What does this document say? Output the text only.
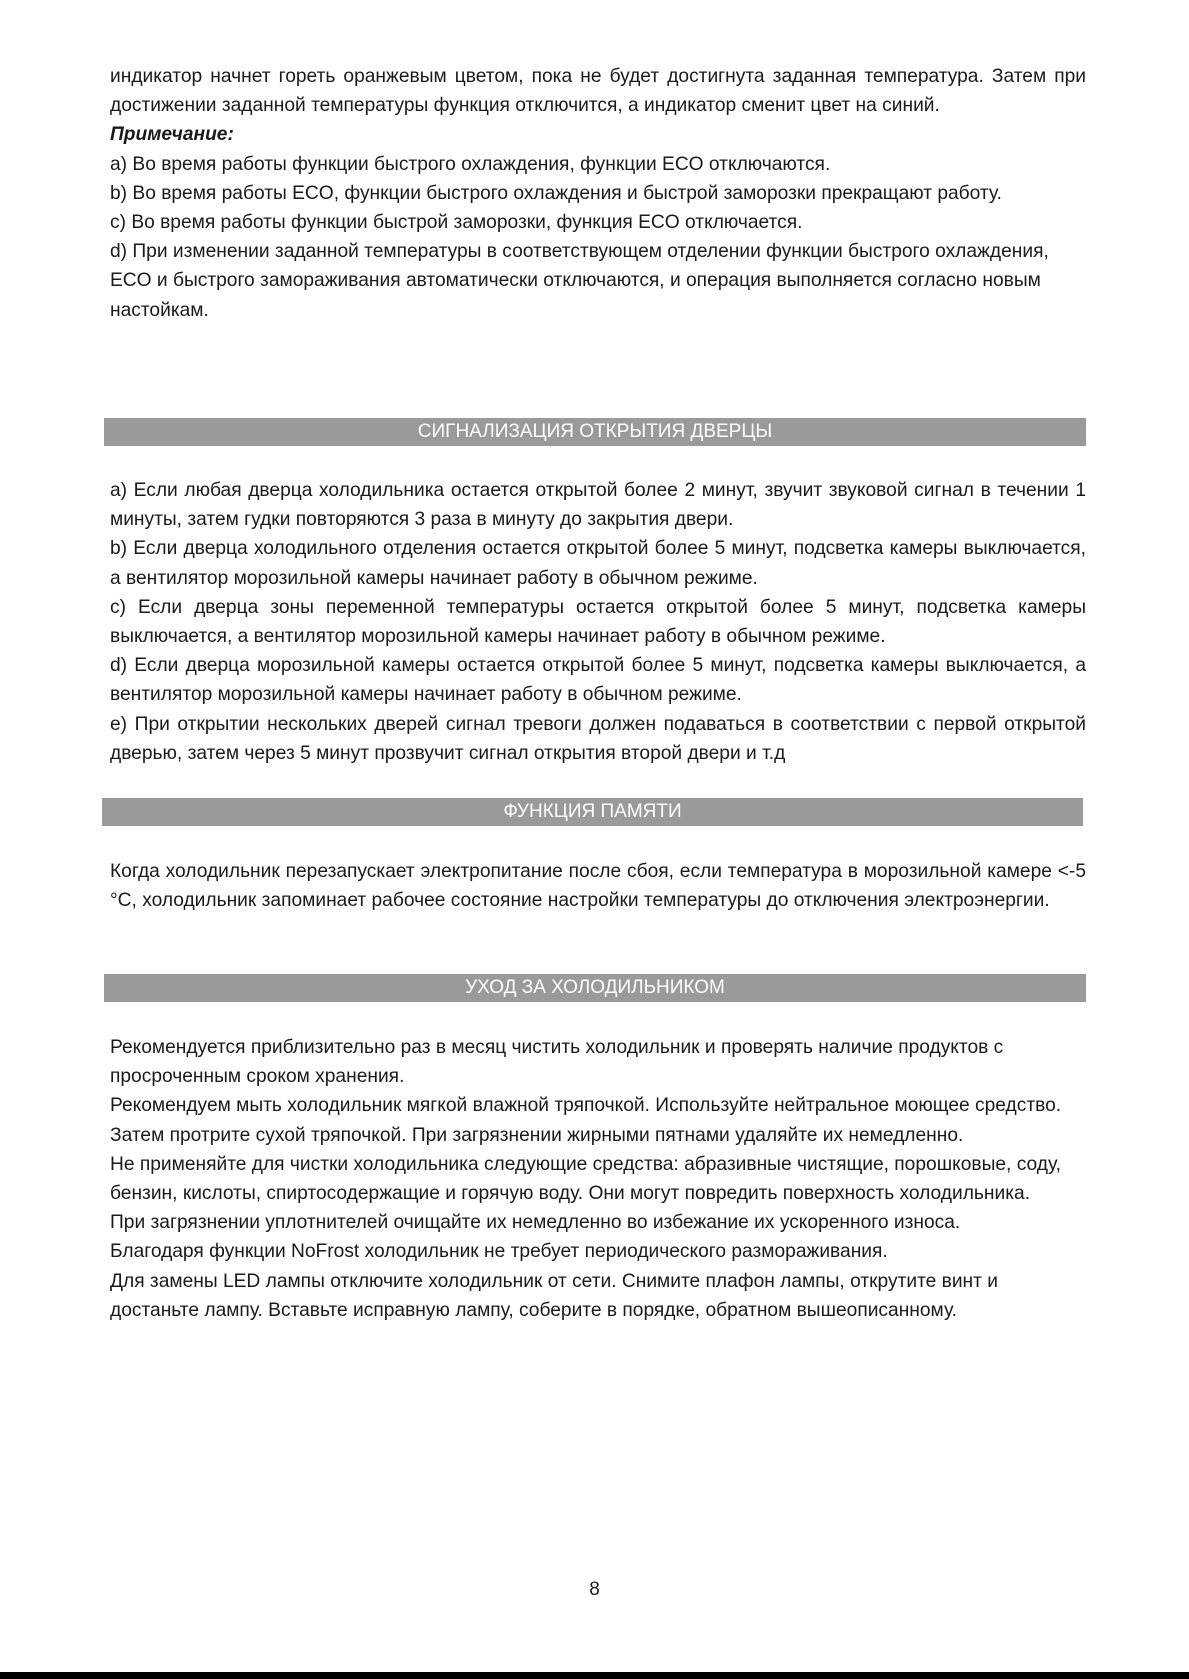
индикатор начнет гореть оранжевым цветом, пока не будет достигнута заданная температура. Затем при достижении заданной температуры функция отключится, а индикатор сменит цвет на синий.

Примечание:

a) Во время работы функции быстрого охлаждения, функции ECO отключаются.

b) Во время работы ECO, функции быстрого охлаждения и быстрой заморозки прекращают работу.

c) Во время работы функции быстрой заморозки, функция ECO отключается.

d) При изменении заданной температуры в соответствующем отделении функции быстрого охлаждения, ECO и быстрого замораживания автоматически отключаются, и операция выполняется согласно новым настойкам.

СИГНАЛИЗАЦИЯ ОТКРЫТИЯ ДВЕРЦЫ

a) Если любая дверца холодильника остается открытой более 2 минут, звучит звуковой сигнал в течении 1 минуты, затем гудки повторяются 3 раза в минуту до закрытия двери.

b) Если дверца холодильного отделения остается открытой более 5 минут, подсветка камеры выключается, а вентилятор морозильной камеры начинает работу в обычном режиме.

c) Если дверца зоны переменной температуры остается открытой более 5 минут, подсветка камеры выключается, а вентилятор морозильной камеры начинает работу в обычном режиме.

d) Если дверца морозильной камеры остается открытой более 5 минут, подсветка камеры выключается, а вентилятор морозильной камеры начинает работу в обычном режиме.

e) При открытии нескольких дверей сигнал тревоги должен подаваться в соответствии с первой открытой дверью, затем через 5 минут прозвучит сигнал открытия второй двери и т.д

ФУНКЦИЯ ПАМЯТИ

Когда холодильник перезапускает электропитание после сбоя, если температура в морозильной камере <-5 °С, холодильник запоминает рабочее состояние настройки температуры до отключения электроэнергии.

УХОД ЗА ХОЛОДИЛЬНИКОМ

Рекомендуется приблизительно раз в месяц чистить холодильник и проверять наличие продуктов с просроченным сроком хранения.

Рекомендуем мыть холодильник мягкой влажной тряпочкой. Используйте нейтральное моющее средство. Затем протрите сухой тряпочкой. При загрязнении жирными пятнами удаляйте их немедленно.

Не применяйте для чистки холодильника следующие средства: абразивные чистящие, порошковые, соду, бензин, кислоты, спиртосодержащие и горячую воду. Они могут повредить поверхность холодильника.

При загрязнении уплотнителей очищайте их немедленно во избежание их ускоренного износа.

Благодаря функции NoFrost холодильник не требует периодического размораживания.

Для замены LED лампы отключите холодильник от сети. Снимите плафон лампы, открутите винт и достаньте лампу. Вставьте исправную лампу, соберите в порядке, обратном вышеописанному.

8
